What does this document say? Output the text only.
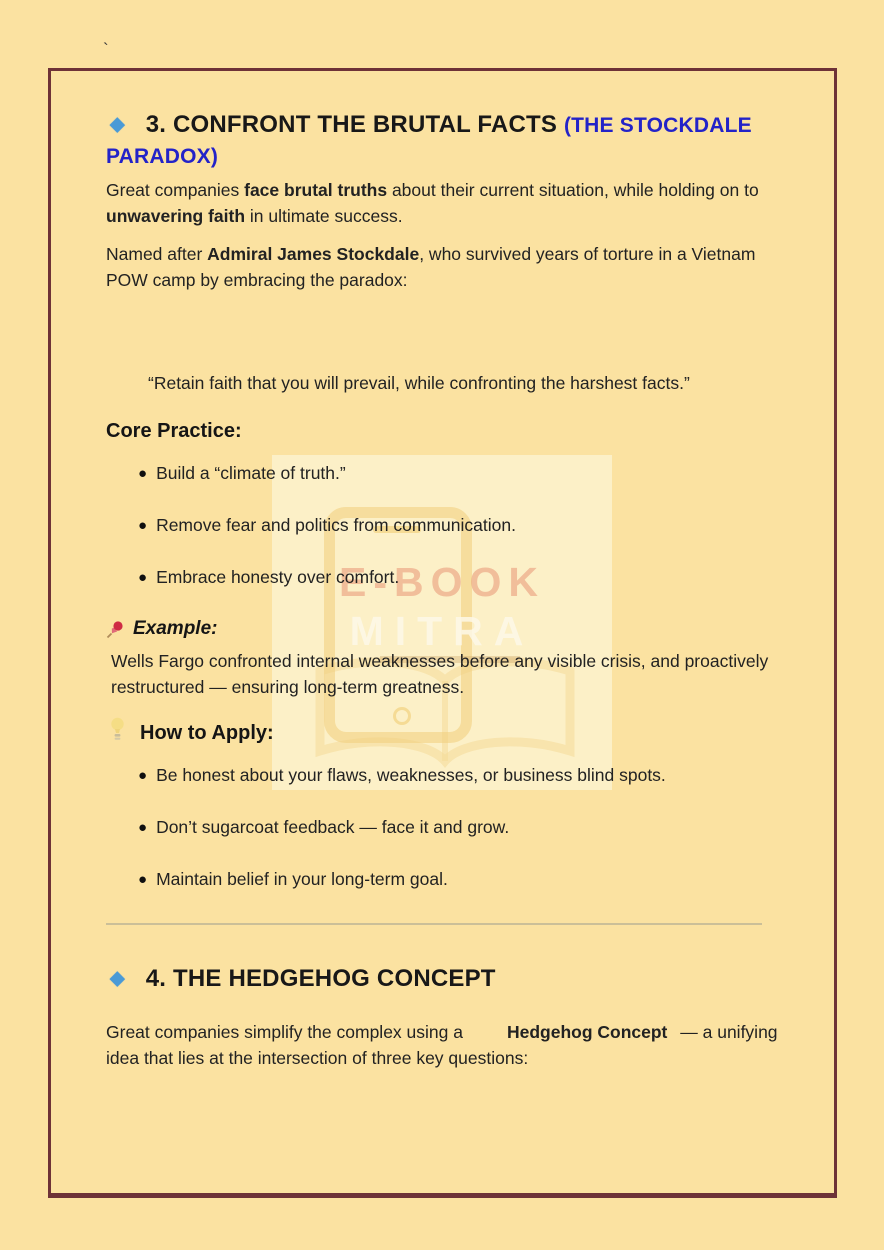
`
E-BOOK
MITRA
◆ 3. CONFRONT THE BRUTAL FACTS (THE STOCKDALE PARADOX)

Great companies face brutal truths about their current situation, while holding on to unwavering faith in ultimate success.

Named after Admiral James Stockdale, who survived years of torture in a Vietnam POW camp by embracing the paradox:

“Retain faith that you will prevail, while confronting the harshest facts.”

Core Practice:

● Build a “climate of truth.”
● Remove fear and politics from communication.
● Embrace honesty over comfort.

Example:

Wells Fargo confronted internal weaknesses before any visible crisis, and proactively restructured — ensuring long-term greatness.

How to Apply:
● Be honest about your flaws, weaknesses, or business blind spots.
● Don’t sugarcoat feedback — face it and grow.
● Maintain belief in your long-term goal.
◆ 4. THE HEDGEHOG CONCEPT

Great companies simplify the complex using a	Hedgehog Concept — a unifying idea that lies at the intersection of three key questions:
